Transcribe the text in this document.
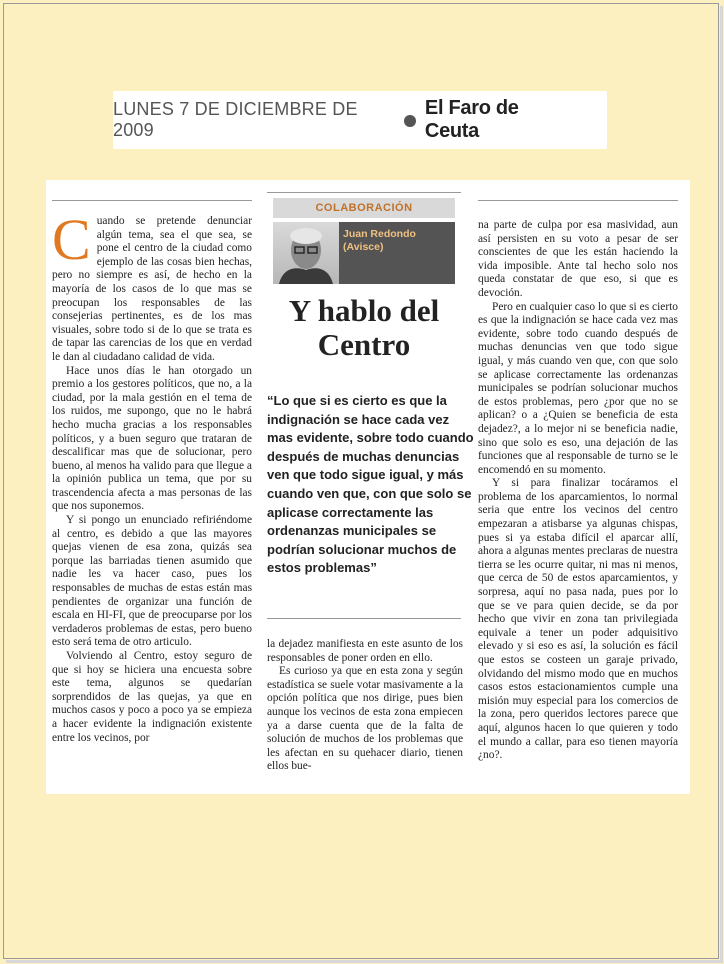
LUNES 7 DE DICIEMBRE DE 2009
El Faro de Ceuta

Cuando se pretende denunciar algún tema, sea el que sea, se pone el centro de la ciudad como ejemplo de las cosas bien hechas, pero no siempre es así, de hecho en la mayoría de los casos de lo que mas se preocupan los responsables de las consejerias pertinentes, es de los mas visuales, sobre todo si de lo que se trata es de tapar las carencias de los que en verdad le dan al ciudadano calidad de vida.

Hace unos días le han otorgado un premio a los gestores políticos, que no, a la ciudad, por la mala gestión en el tema de los ruidos, me supongo, que no le habrá hecho mucha gracias a los responsables políticos, y a buen seguro que trataran de descalificar mas que de solucionar, pero bueno, al menos ha valido para que llegue a la opinión publica un tema, que por su trascendencia afecta a mas personas de las que nos suponemos.

Y si pongo un enunciado refiriéndome al centro, es debido a que las mayores quejas vienen de esa zona, quizás sea porque las barriadas tienen asumido que nadie les va hacer caso, pues los responsables de muchas de estas están mas pendientes de organizar una función de escala en HI-FI, que de preocuparse por los verdaderos problemas de estas, pero bueno esto será tema de otro articulo.

Volviendo al Centro, estoy seguro de que si hoy se hiciera una encuesta sobre este tema, algunos se quedarían sorprendidos de las quejas, ya que en muchos casos y poco a poco ya se empieza a hacer evidente la indignación existente entre los vecinos, por

COLABORACIÓN
Juan Redondo
(Avisce)
Y hablo del
Centro
“Lo que si es cierto es que la indignación se hace cada vez mas evidente, sobre todo cuando después de muchas denuncias ven que todo sigue igual, y más cuando ven que, con que solo se aplicase correctamente las ordenanzas municipales se podrían solucionar muchos de estos problemas”

la dejadez manifiesta en este asunto de los responsables de poner orden en ello.

Es curioso ya que en esta zona y según estadística se suele votar masivamente a la opción política que nos dirige, pues bien aunque los vecinos de esta zona empiecen ya a darse cuenta que de la falta de solución de muchos de los problemas que les afectan en su quehacer diario, tienen ellos bue-

na parte de culpa por esa masividad, aun así persisten en su voto a pesar de ser conscientes de que les están haciendo la vida imposible. Ante tal hecho solo nos queda constatar de que eso, si que es devoción.

Pero en cualquier caso lo que si es cierto es que la indignación se hace cada vez mas evidente, sobre todo cuando después de muchas denuncias ven que todo sigue igual, y más cuando ven que, con que solo se aplicase correctamente las ordenanzas municipales se podrían solucionar muchos de estos problemas, pero ¿por que no se aplican? o a ¿Quien se beneficia de esta dejadez?, a lo mejor ni se beneficia nadie, sino que solo es eso, una dejación de las funciones que al responsable de turno se le encomendó en su momento.

Y si para finalizar tocáramos el problema de los aparcamientos, lo normal seria que entre los vecinos del centro empezaran a atisbarse ya algunas chispas, pues si ya estaba difícil el aparcar allí, ahora a algunas mentes preclaras de nuestra tierra se les ocurre quitar, ni mas ni menos, que cerca de 50 de estos aparcamientos, y sorpresa, aquí no pasa nada, pues por lo que se ve para quien decide, se da por hecho que vivir en zona tan privilegiada equivale a tener un poder adquisitivo elevado y si eso es así, la solución es fácil que estos se costeen un garaje privado, olvidando del mismo modo que en muchos casos estos estacionamientos cumple una misión muy especial para los comercios de la zona, pero queridos lectores parece que aquí, algunos hacen lo que quieren y todo el mundo a callar, para eso tienen mayoría ¿no?.
